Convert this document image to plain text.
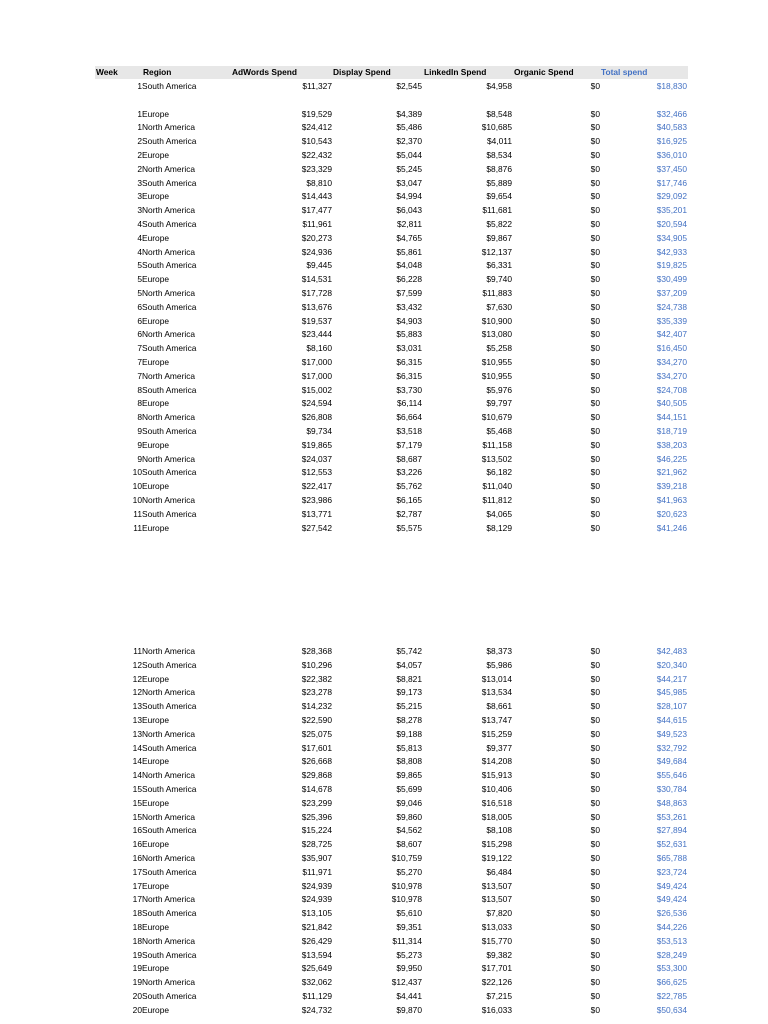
Week	Region	AdWords Spend	Display Spend	LinkedIn Spend	Organic Spend	Total spend
1 South America	$11,327	$2,545	$4,958	$0	$18,830
1 Europe	$19,529	$4,389	$8,548	$0	$32,466
1 North America	$24,412	$5,486	$10,685	$0	$40,583
2 South America	$10,543	$2,370	$4,011	$0	$16,925
2 Europe	$22,432	$5,044	$8,534	$0	$36,010
2 North America	$23,329	$5,245	$8,876	$0	$37,450
3 South America	$8,810	$3,047	$5,889	$0	$17,746
3 Europe	$14,443	$4,994	$9,654	$0	$29,092
3 North America	$17,477	$6,043	$11,681	$0	$35,201
4 South America	$11,961	$2,811	$5,822	$0	$20,594
4 Europe	$20,273	$4,765	$9,867	$0	$34,905
4 North America	$24,936	$5,861	$12,137	$0	$42,933
5 South America	$9,445	$4,048	$6,331	$0	$19,825
5 Europe	$14,531	$6,228	$9,740	$0	$30,499
5 North America	$17,728	$7,599	$11,883	$0	$37,209
6 South America	$13,676	$3,432	$7,630	$0	$24,738
6 Europe	$19,537	$4,903	$10,900	$0	$35,339
6 North America	$23,444	$5,883	$13,080	$0	$42,407
7 South America	$8,160	$3,031	$5,258	$0	$16,450
7 Europe	$17,000	$6,315	$10,955	$0	$34,270
7 North America	$17,000	$6,315	$10,955	$0	$34,270
8 South America	$15,002	$3,730	$5,976	$0	$24,708
8 Europe	$24,594	$6,114	$9,797	$0	$40,505
8 North America	$26,808	$6,664	$10,679	$0	$44,151
9 South America	$9,734	$3,518	$5,468	$0	$18,719
9 Europe	$19,865	$7,179	$11,158	$0	$38,203
9 North America	$24,037	$8,687	$13,502	$0	$46,225
10 South America	$12,553	$3,226	$6,182	$0	$21,962
10 Europe	$22,417	$5,762	$11,040	$0	$39,218
10 North America	$23,986	$6,165	$11,812	$0	$41,963
11 South America	$13,771	$2,787	$4,065	$0	$20,623
11 Europe	$27,542	$5,575	$8,129	$0	$41,246
11 North America	$28,368	$5,742	$8,373	$0	$42,483
12 South America	$10,296	$4,057	$5,986	$0	$20,340
12 Europe	$22,382	$8,821	$13,014	$0	$44,217
12 North America	$23,278	$9,173	$13,534	$0	$45,985
13 South America	$14,232	$5,215	$8,661	$0	$28,107
13 Europe	$22,590	$8,278	$13,747	$0	$44,615
13 North America	$25,075	$9,188	$15,259	$0	$49,523
14 South America	$17,601	$5,813	$9,377	$0	$32,792
14 Europe	$26,668	$8,808	$14,208	$0	$49,684
14 North America	$29,868	$9,865	$15,913	$0	$55,646
15 South America	$14,678	$5,699	$10,406	$0	$30,784
15 Europe	$23,299	$9,046	$16,518	$0	$48,863
15 North America	$25,396	$9,860	$18,005	$0	$53,261
16 South America	$15,224	$4,562	$8,108	$0	$27,894
16 Europe	$28,725	$8,607	$15,298	$0	$52,631
16 North America	$35,907	$10,759	$19,122	$0	$65,788
17 South America	$11,971	$5,270	$6,484	$0	$23,724
17 Europe	$24,939	$10,978	$13,507	$0	$49,424
17 North America	$24,939	$10,978	$13,507	$0	$49,424
18 South America	$13,105	$5,610	$7,820	$0	$26,536
18 Europe	$21,842	$9,351	$13,033	$0	$44,226
18 North America	$26,429	$11,314	$15,770	$0	$53,513
19 South America	$13,594	$5,273	$9,382	$0	$28,249
19 Europe	$25,649	$9,950	$17,701	$0	$53,300
19 North America	$32,062	$12,437	$22,126	$0	$66,625
20 South America	$11,129	$4,441	$7,215	$0	$22,785
20 Europe	$24,732	$9,870	$16,033	$0	$50,634
